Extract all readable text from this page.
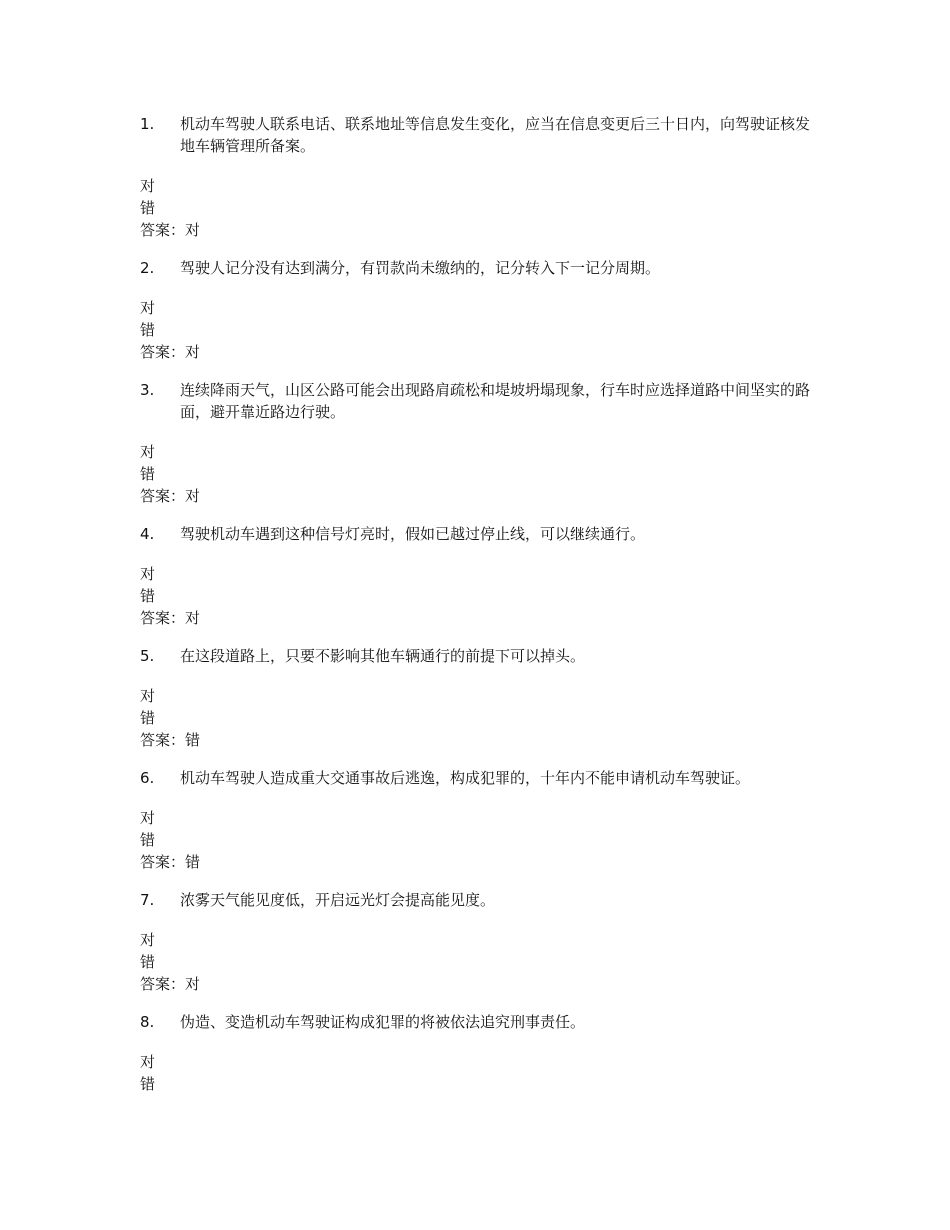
1.	机动车驾驶人联系电话、联系地址等信息发生变化，应当在信息变更后三十日内，向驾驶证核发地车辆管理所备案。
对
错
答案：对
2.	驾驶人记分没有达到满分，有罚款尚未缴纳的，记分转入下一记分周期。
对
错
答案：对
3.	连续降雨天气，山区公路可能会出现路肩疏松和堤坡坍塌现象，行车时应选择道路中间坚实的路面，避开靠近路边行驶。
对
错
答案：对
4.	驾驶机动车遇到这种信号灯亮时，假如已越过停止线，可以继续通行。
对
错
答案：对
5.	在这段道路上，只要不影响其他车辆通行的前提下可以掉头。
对
错
答案：错
6.	机动车驾驶人造成重大交通事故后逃逸，构成犯罪的，十年内不能申请机动车驾驶证。
对
错
答案：错
7.	浓雾天气能见度低，开启远光灯会提高能见度。
对
错
答案：对
8.	伪造、变造机动车驾驶证构成犯罪的将被依法追究刑事责任。
对
错
